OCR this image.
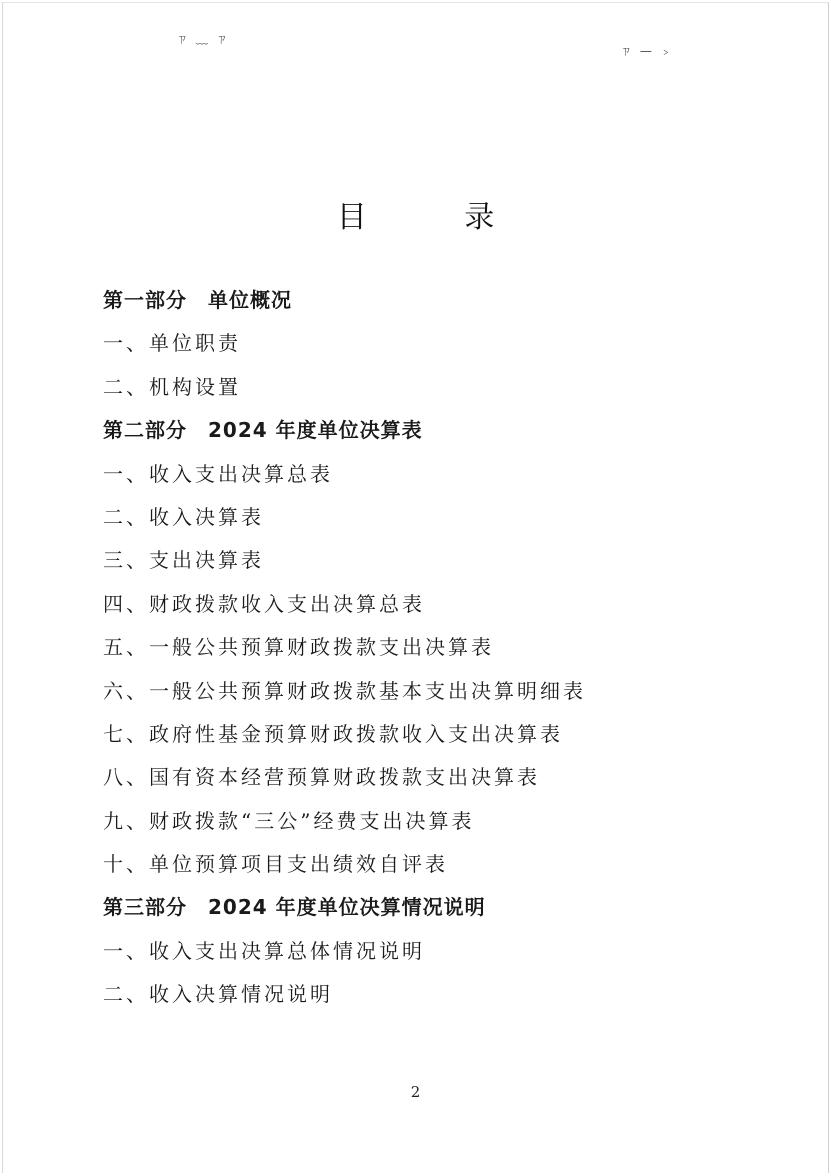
ㄗ ﹏ ㄗ
ㄗ — ﹥
目 录
第一部分　单位概况
一、单位职责
二、机构设置
第二部分　2024 年度单位决算表
一、收入支出决算总表
二、收入决算表
三、支出决算表
四、财政拨款收入支出决算总表
五、一般公共预算财政拨款支出决算表
六、一般公共预算财政拨款基本支出决算明细表
七、政府性基金预算财政拨款收入支出决算表
八、国有资本经营预算财政拨款支出决算表
九、财政拨款“三公”经费支出决算表
十、单位预算项目支出绩效自评表
第三部分　2024 年度单位决算情况说明
一、收入支出决算总体情况说明
二、收入决算情况说明
2
